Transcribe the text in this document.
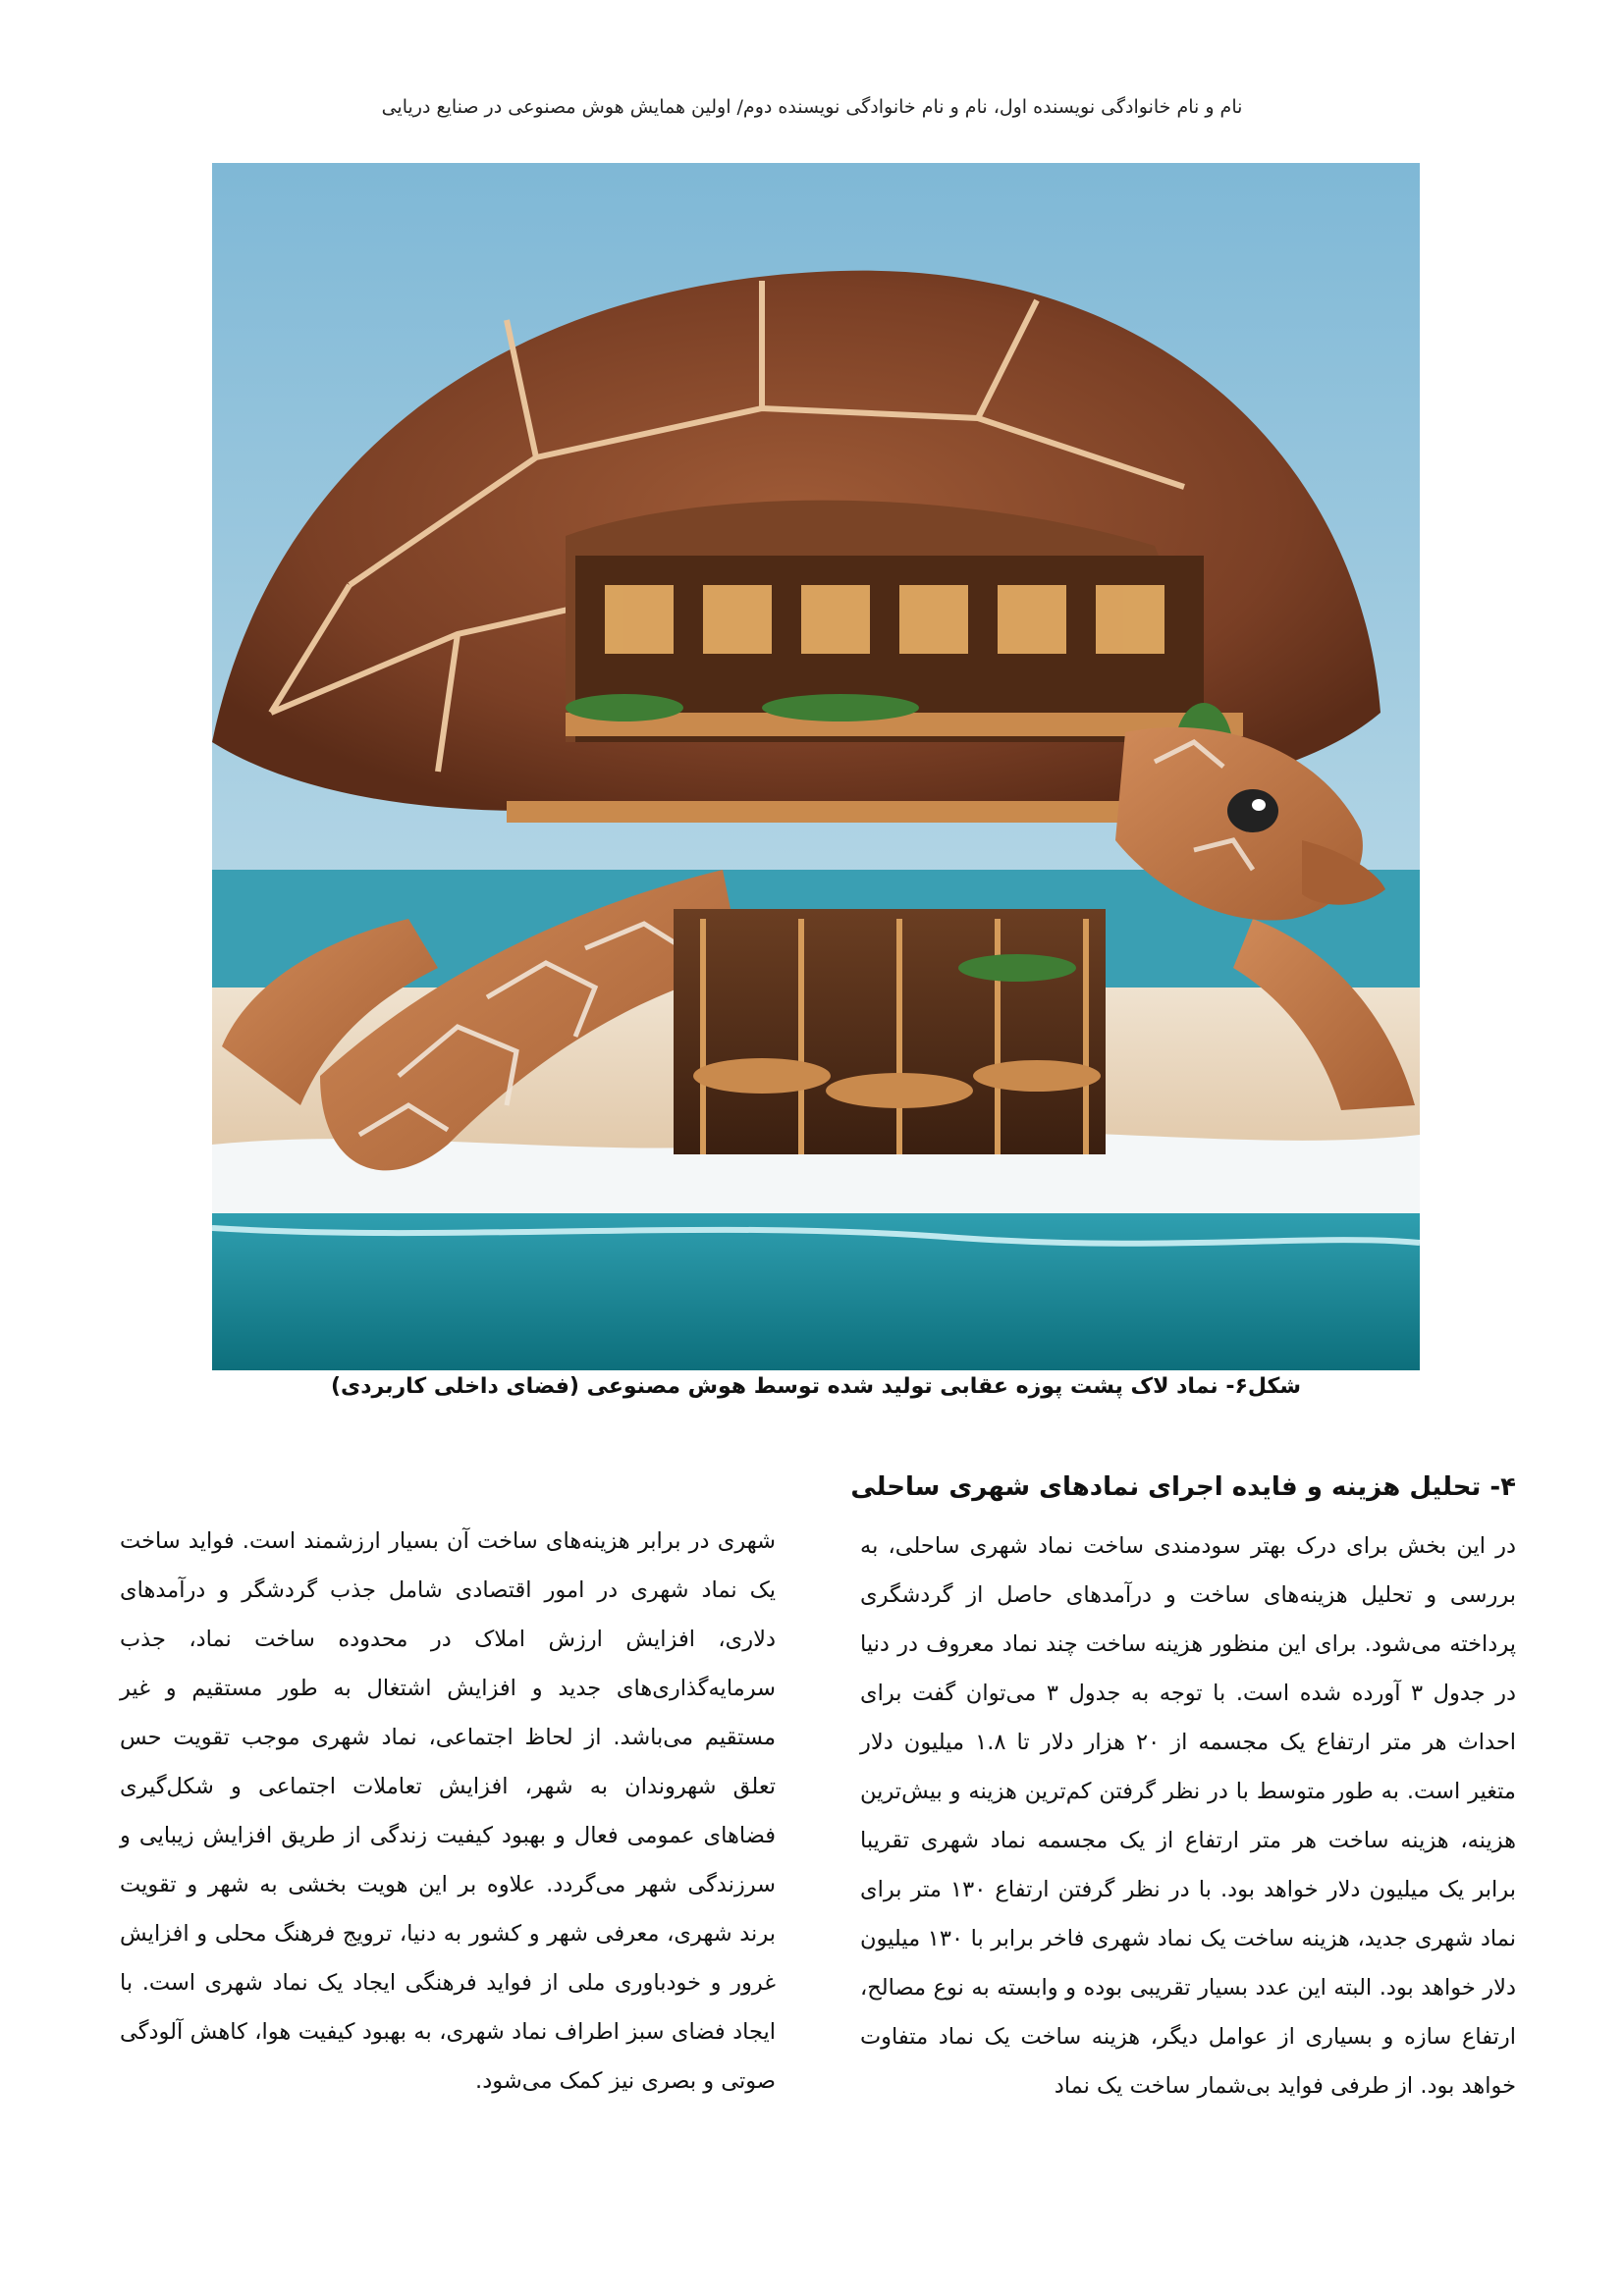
نام و نام خانوادگی نویسنده اول، نام و نام خانوادگی نویسنده دوم/ اولین همایش هوش مصنوعی در صنایع دریایی
شکل۶- نماد لاک پشت پوزه عقابی تولید شده توسط هوش مصنوعی (فضای داخلی کاربردی)
۴- تحلیل هزینه و فایده اجرای نمادهای شهری ساحلی
در این بخش برای درک بهتر سودمندی ساخت نماد شهری ساحلی، به بررسی و تحلیل هزینه‌های ساخت و درآمدهای حاصل از گردشگری پرداخته می‌شود. برای این منظور هزینه ساخت چند نماد معروف در دنیا در جدول ۳ آورده شده است. با توجه به جدول ۳ می‌توان گفت برای احداث هر متر ارتفاع یک مجسمه از ۲۰ هزار دلار تا ۱.۸ میلیون دلار متغیر است. به طور متوسط با در نظر گرفتن کم‌ترین هزینه و بیش‌ترین هزینه، هزینه ساخت هر متر ارتفاع از یک مجسمه نماد شهری تقریبا برابر یک میلیون دلار خواهد بود. با در نظر گرفتن ارتفاع ۱۳۰ متر برای نماد شهری جدید، هزینه ساخت یک نماد شهری فاخر برابر با ۱۳۰ میلیون دلار خواهد بود. البته این عدد بسیار تقریبی بوده و وابسته به نوع مصالح، ارتفاع سازه و بسیاری از عوامل دیگر، هزینه ساخت یک نماد متفاوت خواهد بود. از طرفی فواید بی‌شمار ساخت یک نماد
شهری در برابر هزینه‌های ساخت آن بسیار ارزشمند است. فواید ساخت یک نماد شهری در امور اقتصادی شامل جذب گردشگر و درآمدهای دلاری، افزایش ارزش املاک در محدوده ساخت نماد، جذب سرمایه‌گذاری‌های جدید و افزایش اشتغال به طور مستقیم و غیر مستقیم می‌باشد. از لحاظ اجتماعی، نماد شهری موجب تقویت حس تعلق شهروندان به شهر، افزایش تعاملات اجتماعی و شکل‌گیری فضاهای عمومی فعال و بهبود کیفیت زندگی از طریق افزایش زیبایی و سرزندگی شهر می‌گردد. علاوه بر این هویت بخشی به شهر و تقویت برند شهری، معرفی شهر و کشور به دنیا، ترویج فرهنگ محلی و افزایش غرور و خودباوری ملی از فواید فرهنگی ایجاد یک نماد شهری است. با ایجاد فضای سبز اطراف نماد شهری، به بهبود کیفیت هوا، کاهش آلودگی صوتی و بصری نیز کمک می‌شود.
